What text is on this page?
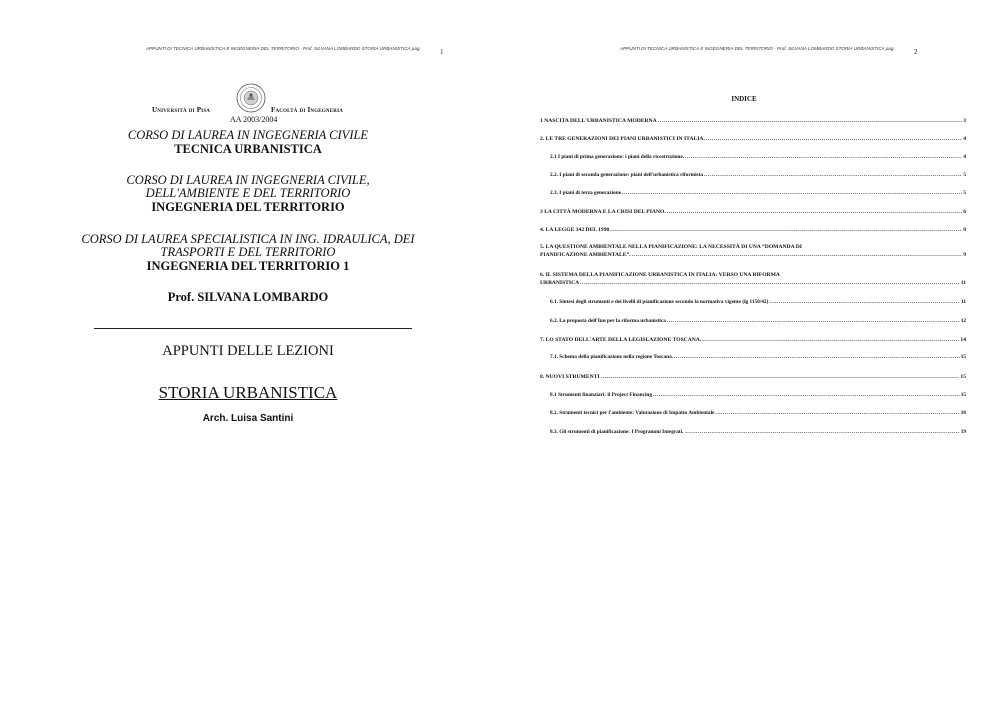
APPUNTI DI TECNICA URBANISTICA E INGEGNERIA DEL TERRITORIO - Prof. SILVANA LOMBARDO STORIA URBANISTICA pag.	1
Università di Pisa	Facoltà di Ingegneria
AA 2003/2004
CORSO DI LAUREA IN INGEGNERIA CIVILE
TECNICA URBANISTICA
CORSO DI LAUREA IN INGEGNERIA CIVILE,
DELL'AMBIENTE E DEL TERRITORIO
INGEGNERIA DEL TERRITORIO
CORSO DI LAUREA SPECIALISTICA IN ING. IDRAULICA, DEI
TRASPORTI E DEL TERRITORIO
INGEGNERIA DEL TERRITORIO 1
Prof. SILVANA LOMBARDO
APPUNTI DELLE LEZIONI
STORIA URBANISTICA
Arch. Luisa Santini
APPUNTI DI TECNICA URBANISTICA E INGEGNERIA DEL TERRITORIO - Prof. SILVANA LOMBARDO STORIA URBANISTICA pag.	2
INDICE
1 NASCITA DELL'URBANISTICA MODERNA .....	3
2. LE TRE GENERAZIONI DEI PIANI URBANISTICI IN ITALIA. .....	4
2.1 I piani di prima generazione: i piani della ricostruzione. .....	4
2.2. I piani di seconda generazione: piani dell'urbanistica riformista .....	5
2.3. I piani di terza generazione .....	5
3 LA CITTÀ MODERNA E LA CRISI DEL PIANO. .....	6
4. LA LEGGE 142 DEL 1990 .....	8
5. LA QUESTIONE AMBIENTALE NELLA PIANIFICAZIONE: LA NECESSITÀ DI UNA “DOMANDA DI
PIANIFICAZIONE AMBIENTALE”. .....	9
6. IL SISTEMA DELLA PIANIFICAZIONE URBANISTICA IN ITALIA: VERSO UNA RIFORMA
URBANISTICA .....	11
6.1. Sintesi degli strumenti e dei livelli di pianificazione secondo la normativa vigente (lg 1150/42) .....	11
6.2. La proposta dell'Inu per la riforma urbanistica .....	12
7. LO STATO DELL'ARTE DELLA LEGISLAZIONE TOSCANA. .....	14
7.1. Schema della pianificazione nella regione Toscana. .....	15
8. NUOVI STRUMENTI .....	15
8.1 Strumenti finanziari: il Project Financing .....	15
8.2. Strumenti tecnici per l'ambiente: Valutazione di Impatto Ambientale .....	16
8.3. Gli strumenti di pianificazione: I Programmi Integrati. .....	19
